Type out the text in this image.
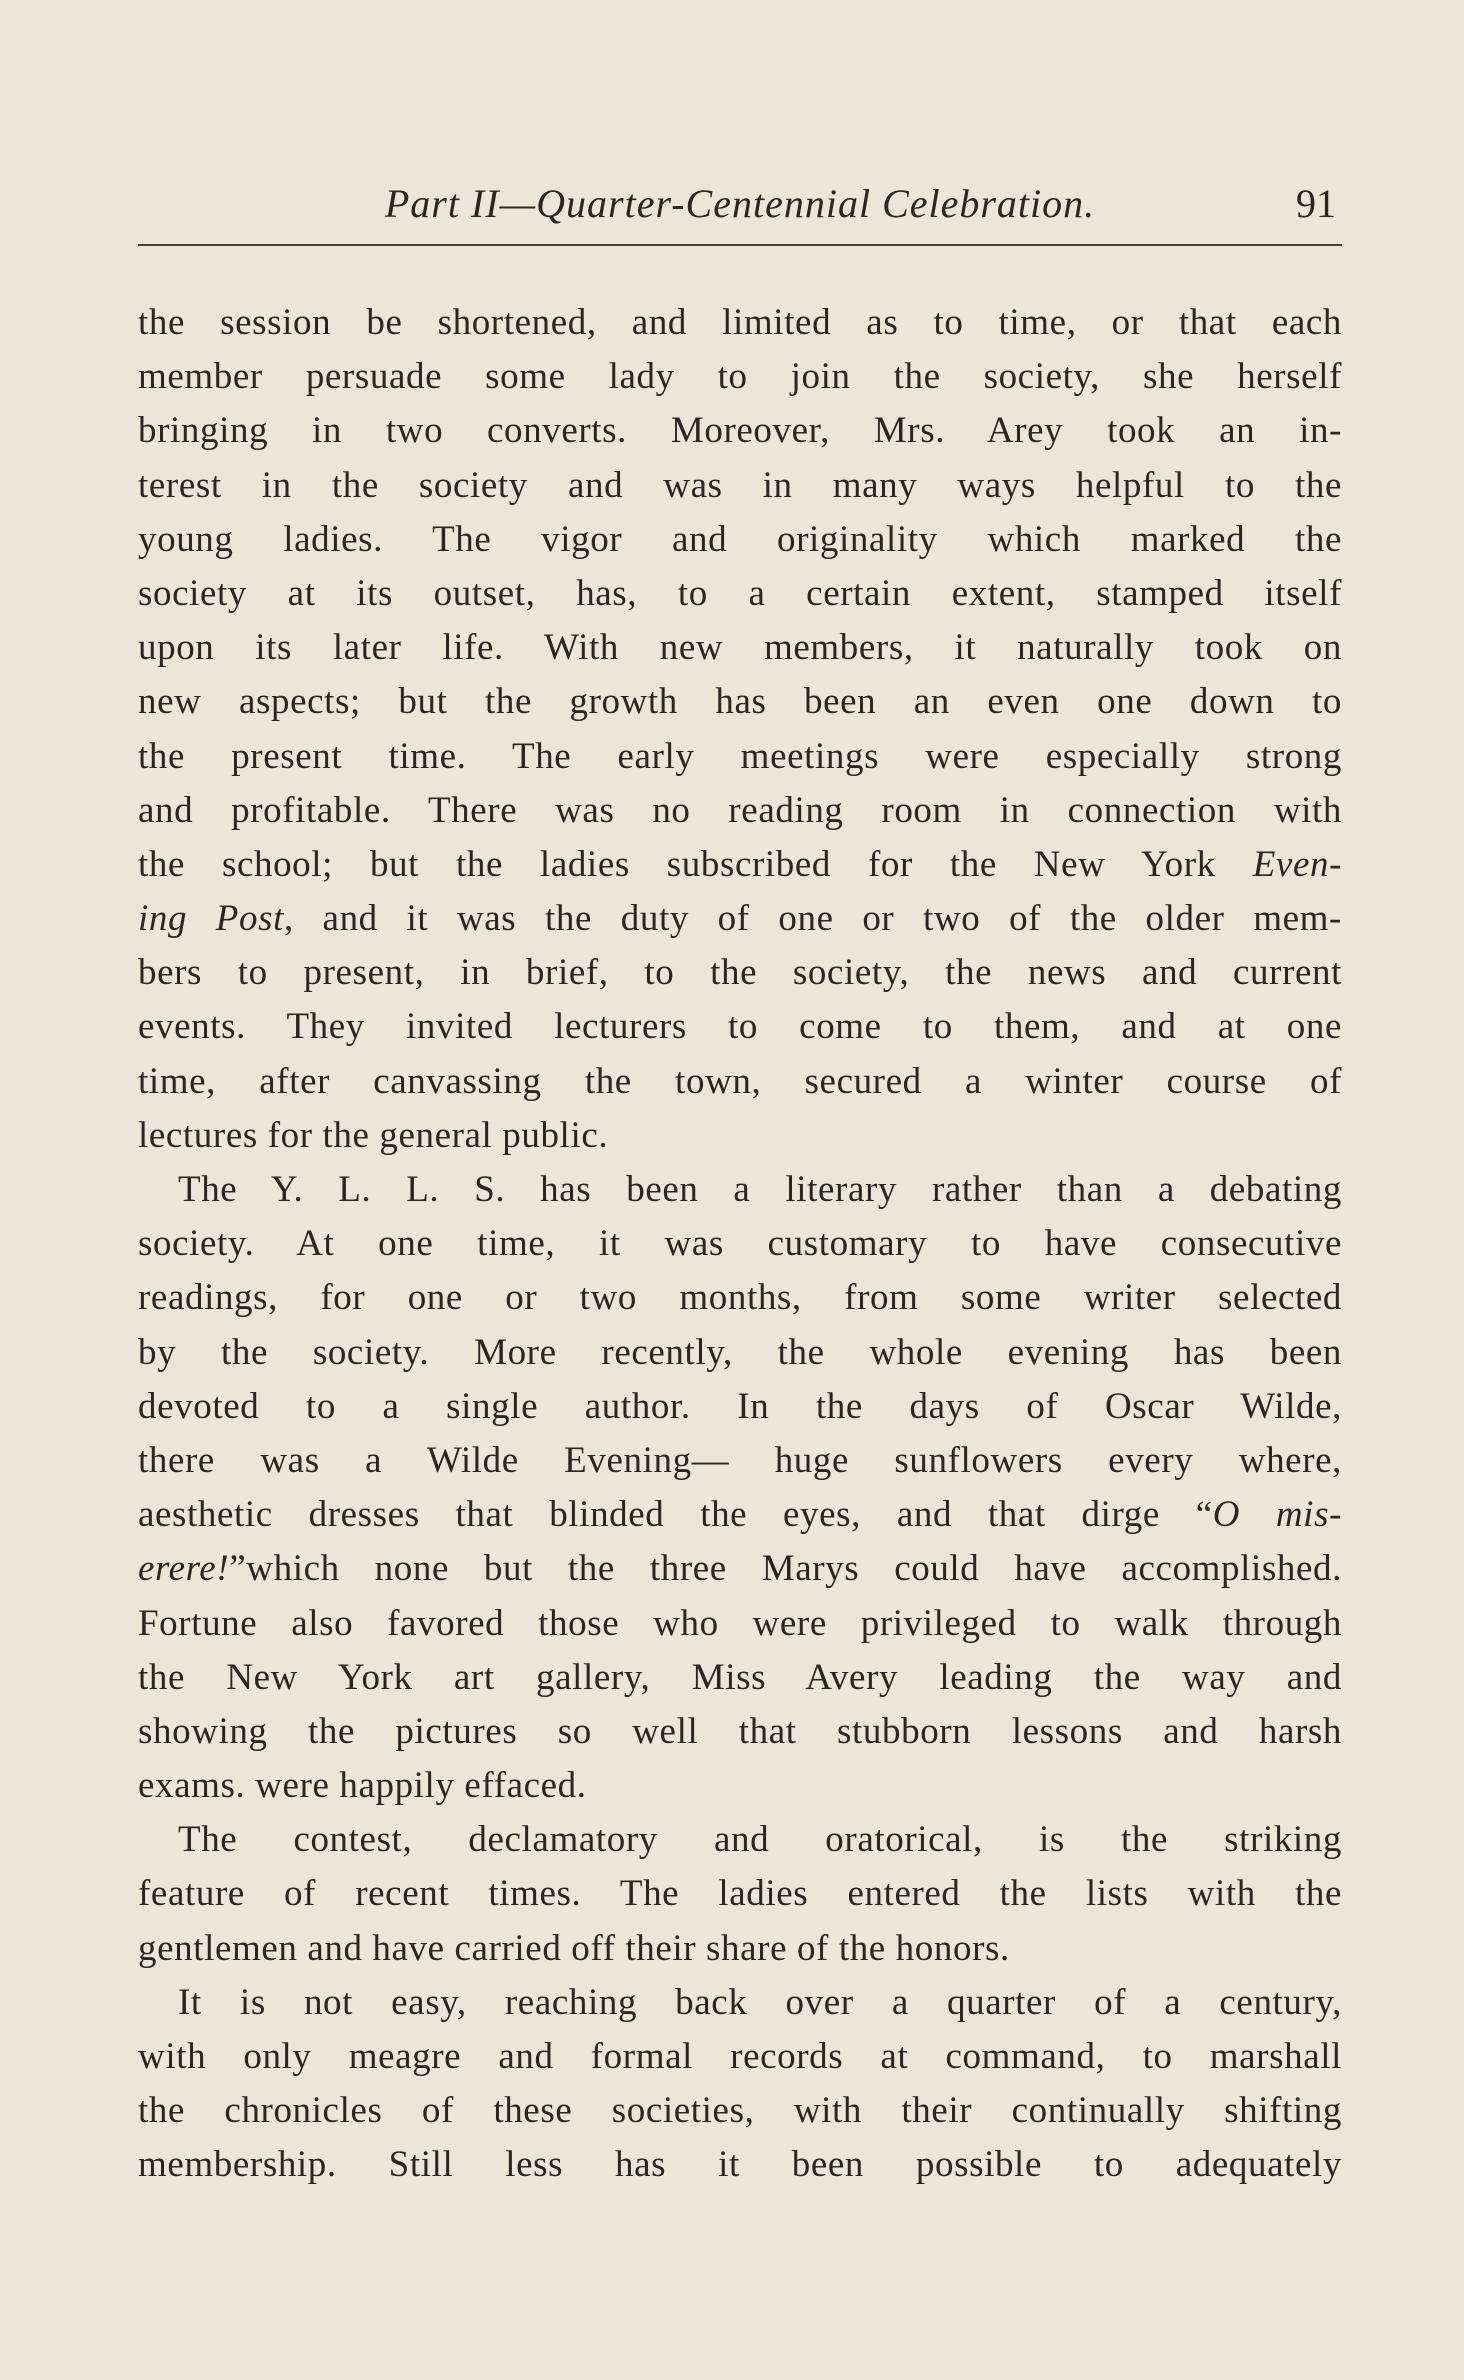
Part II—Quarter-Centennial Celebration.	91
the session be shortened, and limited as to time, or that each
member persuade some lady to join the society, she herself
bringing in two converts. Moreover, Mrs. Arey took an in-
terest in the society and was in many ways helpful to the
young ladies. The vigor and originality which marked the
society at its outset, has, to a certain extent, stamped itself
upon its later life. With new members, it naturally took on
new aspects; but the growth has been an even one down to
the present time. The early meetings were especially strong
and profitable. There was no reading room in connection with
the school; but the ladies subscribed for the New York Even-
ing Post, and it was the duty of one or two of the older mem-
bers to present, in brief, to the society, the news and current
events. They invited lecturers to come to them, and at one
time, after canvassing the town, secured a winter course of
lectures for the general public.
The Y. L. L. S. has been a literary rather than a debating
society. At one time, it was customary to have consecutive
readings, for one or two months, from some writer selected
by the society. More recently, the whole evening has been
devoted to a single author. In the days of Oscar Wilde,
there was a Wilde Evening— huge sunflowers every where,
aesthetic dresses that blinded the eyes, and that dirge “O mis-
erere!”which none but the three Marys could have accomplished.
Fortune also favored those who were privileged to walk through
the New York art gallery, Miss Avery leading the way and
showing the pictures so well that stubborn lessons and harsh
exams. were happily effaced.
The contest, declamatory and oratorical, is the striking
feature of recent times. The ladies entered the lists with the
gentlemen and have carried off their share of the honors.
It is not easy, reaching back over a quarter of a century,
with only meagre and formal records at command, to marshall
the chronicles of these societies, with their continually shifting
membership. Still less has it been possible to adequately
